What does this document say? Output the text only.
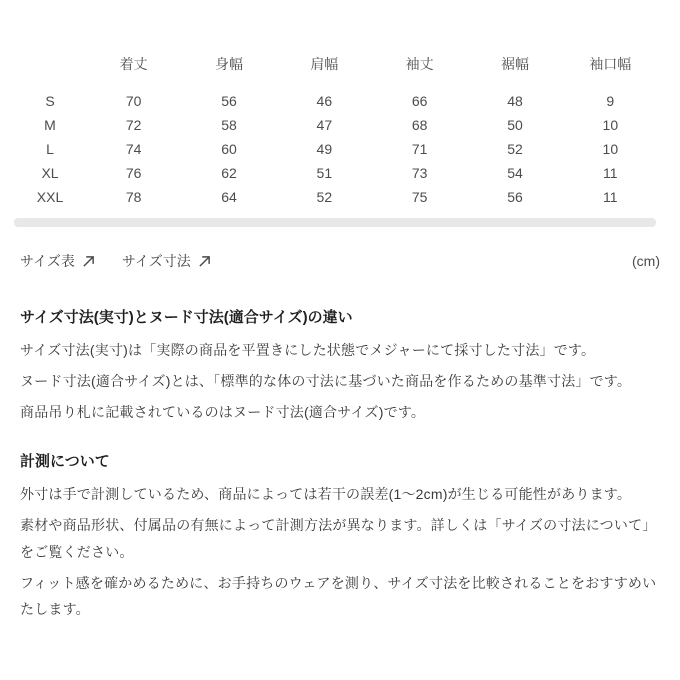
	着丈	身幅	肩幅	袖丈	裾幅	袖口幅
S	70	56	46	66	48	9
M	72	58	47	68	50	10
L	74	60	49	71	52	10
XL	76	62	51	73	54	11
XXL	78	64	52	75	56	11
サイズ表	サイズ寸法	(cm)
サイズ寸法(実寸)とヌード寸法(適合サイズ)の違い

サイズ寸法(実寸)は「実際の商品を平置きにした状態でメジャーにて採寸した寸法」です。

ヌード寸法(適合サイズ)とは、「標準的な体の寸法に基づいた商品を作るための基準寸法」です。

商品吊り札に記載されているのはヌード寸法(適合サイズ)です。

計測について

外寸は手で計測しているため、商品によっては若干の誤差(1〜2cm)が生じる可能性があります。

素材や商品形状、付属品の有無によって計測方法が異なります。詳しくは「サイズの寸法について」をご覧ください。

フィット感を確かめるために、お手持ちのウェアを測り、サイズ寸法を比較されることをおすすめいたします。
